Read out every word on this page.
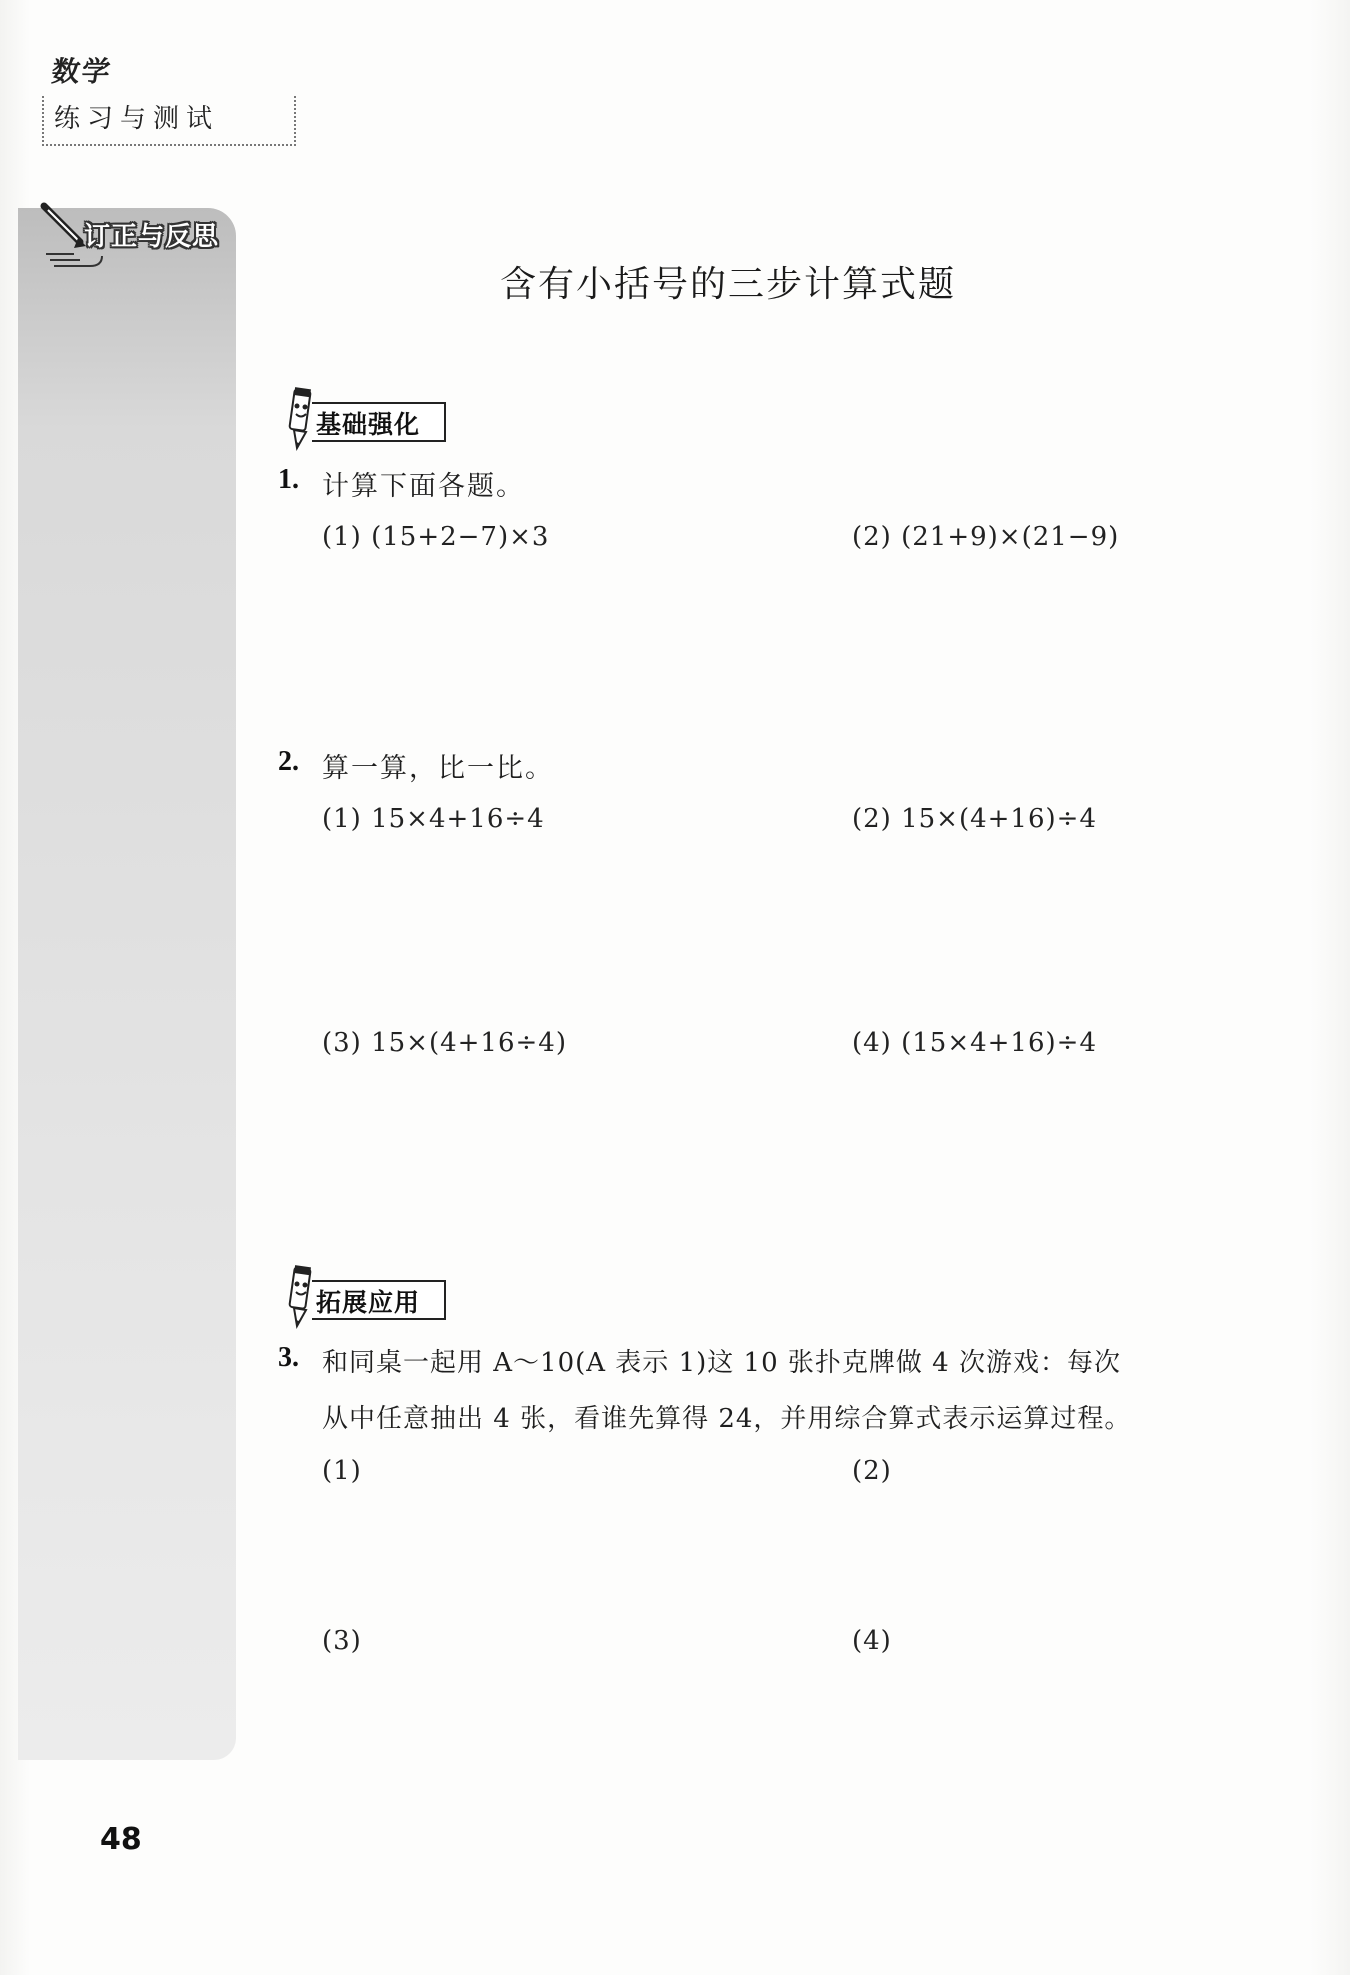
数学
练习与测试
订正与反思
含有小括号的三步计算式题
基础强化
1. 计算下面各题。
(1) (15+2−7)×3	(2) (21+9)×(21−9)
2. 算一算，比一比。
(1) 15×4+16÷4	(2) 15×(4+16)÷4
(3) 15×(4+16÷4)	(4) (15×4+16)÷4
拓展应用
3. 和同桌一起用 A～10(A 表示 1)这 10 张扑克牌做 4 次游戏：每次
从中任意抽出 4 张，看谁先算得 24，并用综合算式表示运算过程。
(1)	(2)
(3)	(4)
48
